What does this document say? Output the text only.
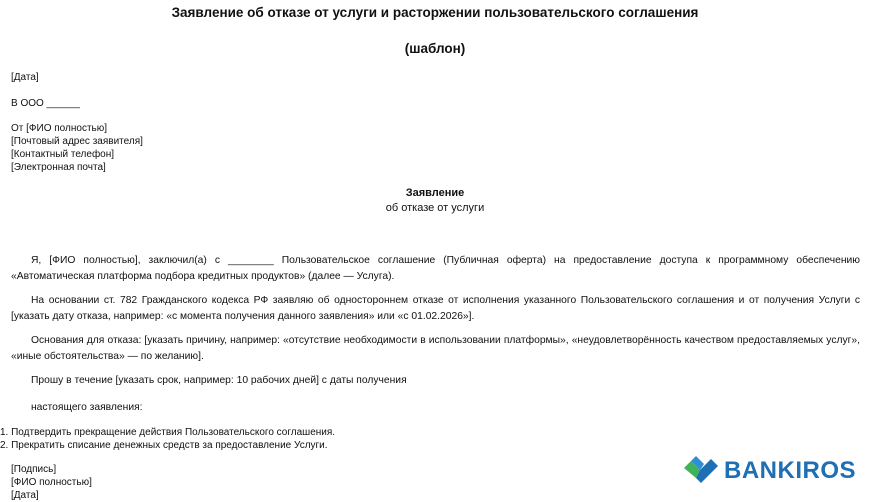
Заявление об отказе от услуги и расторжении пользовательского соглашения
(шаблон)
[Дата]
В ООО ______
От [ФИО полностью]
[Почтовый адрес заявителя]
[Контактный телефон]
[Электронная почта]
Заявление
об отказе от услуги
Я, [ФИО полностью], заключил(а) с ________ Пользовательское соглашение (Публичная оферта) на предоставление доступа к программному обеспечению «Автоматическая платформа подбора кредитных продуктов» (далее — Услуга).
На основании ст. 782 Гражданского кодекса РФ заявляю об одностороннем отказе от исполнения указанного Пользовательского соглашения и от получения Услуги с [указать дату отказа, например: «с момента получения данного заявления» или «с 01.02.2026»].
Основания для отказа: [указать причину, например: «отсутствие необходимости в использовании платформы», «неудовлетворённость качеством предоставляемых услуг», «иные обстоятельства» — по желанию].
Прошу в течение [указать срок, например: 10 рабочих дней] с даты получения
настоящего заявления:
1. Подтвердить прекращение действия Пользовательского соглашения.
2. Прекратить списание денежных средств за предоставление Услуги.
[Подпись]
[ФИО полностью]
[Дата]
BANKIROS
